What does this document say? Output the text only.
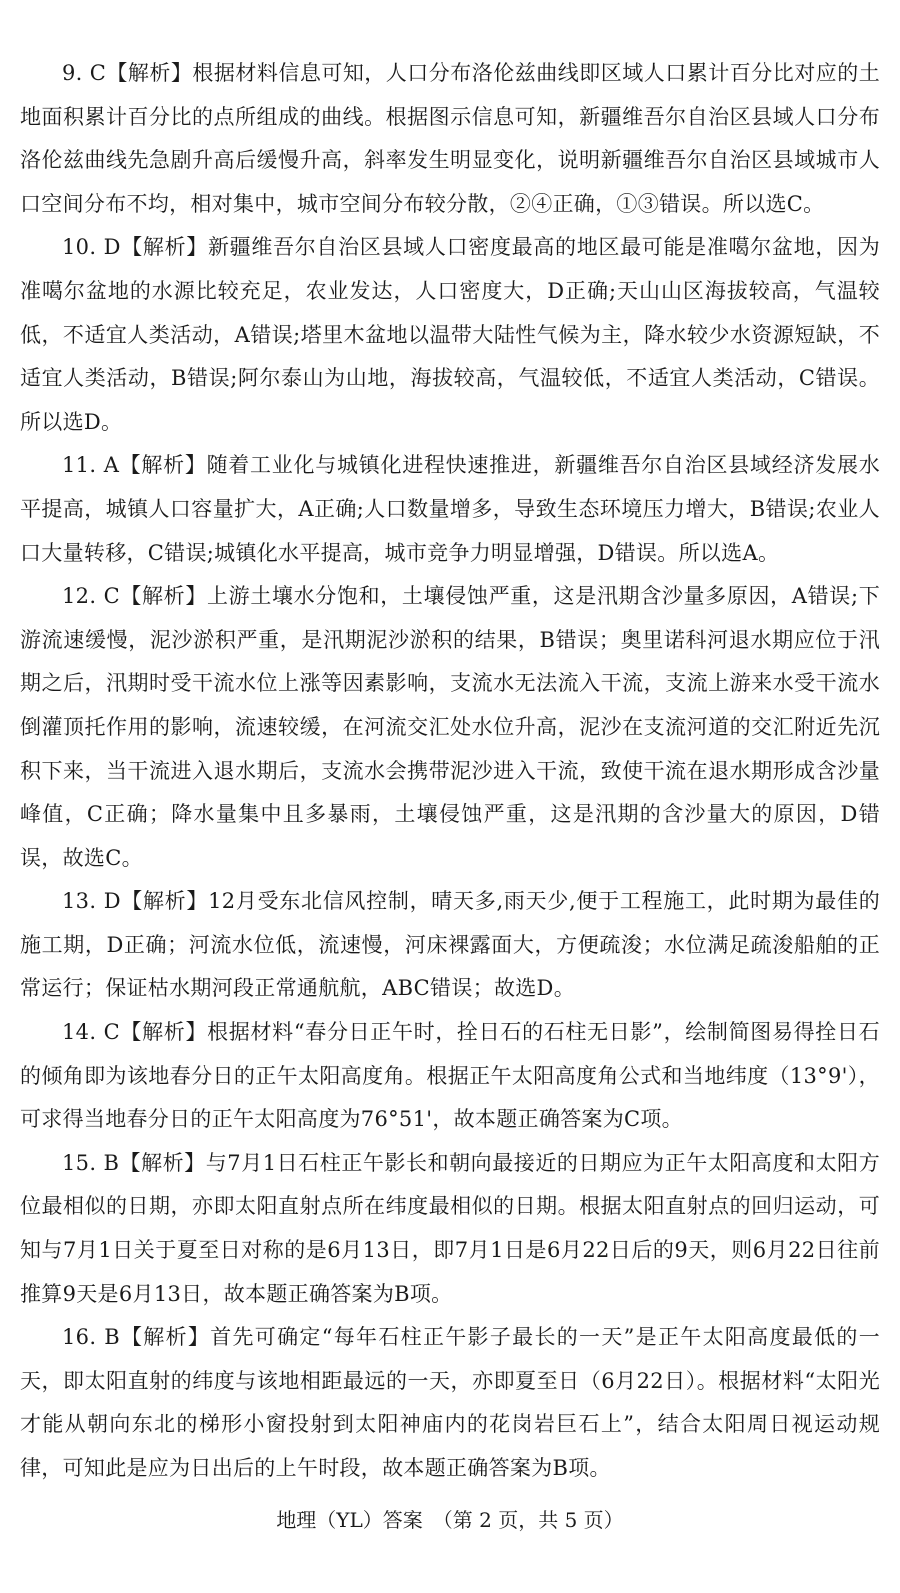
9. C【解析】根据材料信息可知，人口分布洛伦兹曲线即区域人口累计百分比对应的土地面积累计百分比的点所组成的曲线。根据图示信息可知，新疆维吾尔自治区县域人口分布洛伦兹曲线先急剧升高后缓慢升高，斜率发生明显变化，说明新疆维吾尔自治区县域城市人口空间分布不均，相对集中，城市空间分布较分散，②④正确，①③错误。所以选C。

10. D【解析】新疆维吾尔自治区县域人口密度最高的地区最可能是准噶尔盆地，因为准噶尔盆地的水源比较充足，农业发达，人口密度大，D正确;天山山区海拔较高，气温较低，不适宜人类活动，A错误;塔里木盆地以温带大陆性气候为主，降水较少水资源短缺，不适宜人类活动，B错误;阿尔泰山为山地，海拔较高，气温较低，不适宜人类活动，C错误。所以选D。

11. A【解析】随着工业化与城镇化进程快速推进，新疆维吾尔自治区县域经济发展水平提高，城镇人口容量扩大，A正确;人口数量增多，导致生态环境压力增大，B错误;农业人口大量转移，C错误;城镇化水平提高，城市竞争力明显增强，D错误。所以选A。

12. C【解析】上游土壤水分饱和，土壤侵蚀严重，这是汛期含沙量多原因，A错误;下游流速缓慢，泥沙淤积严重，是汛期泥沙淤积的结果，B错误；奥里诺科河退水期应位于汛期之后，汛期时受干流水位上涨等因素影响，支流水无法流入干流，支流上游来水受干流水倒灌顶托作用的影响，流速较缓，在河流交汇处水位升高，泥沙在支流河道的交汇附近先沉积下来，当干流进入退水期后，支流水会携带泥沙进入干流，致使干流在退水期形成含沙量峰值，C正确；降水量集中且多暴雨，土壤侵蚀严重，这是汛期的含沙量大的原因，D错误，故选C。

13. D【解析】12月受东北信风控制，晴天多,雨天少,便于工程施工，此时期为最佳的施工期，D正确；河流水位低，流速慢，河床裸露面大，方便疏浚；水位满足疏浚船舶的正常运行；保证枯水期河段正常通航航，ABC错误；故选D。

14. C【解析】根据材料“春分日正午时，拴日石的石柱无日影”，绘制简图易得拴日石的倾角即为该地春分日的正午太阳高度角。根据正午太阳高度角公式和当地纬度（13°9'），可求得当地春分日的正午太阳高度为76°51'，故本题正确答案为C项。

15. B【解析】与7月1日石柱正午影长和朝向最接近的日期应为正午太阳高度和太阳方位最相似的日期，亦即太阳直射点所在纬度最相似的日期。根据太阳直射点的回归运动，可知与7月1日关于夏至日对称的是6月13日，即7月1日是6月22日后的9天，则6月22日往前推算9天是6月13日，故本题正确答案为B项。

16. B【解析】首先可确定“每年石柱正午影子最长的一天”是正午太阳高度最低的一天，即太阳直射的纬度与该地相距最远的一天，亦即夏至日（6月22日）。根据材料“太阳光才能从朝向东北的梯形小窗投射到太阳神庙内的花岗岩巨石上”，结合太阳周日视运动规律，可知此是应为日出后的上午时段，故本题正确答案为B项。

地理（YL）答案　（第 2 页，共 5 页）
